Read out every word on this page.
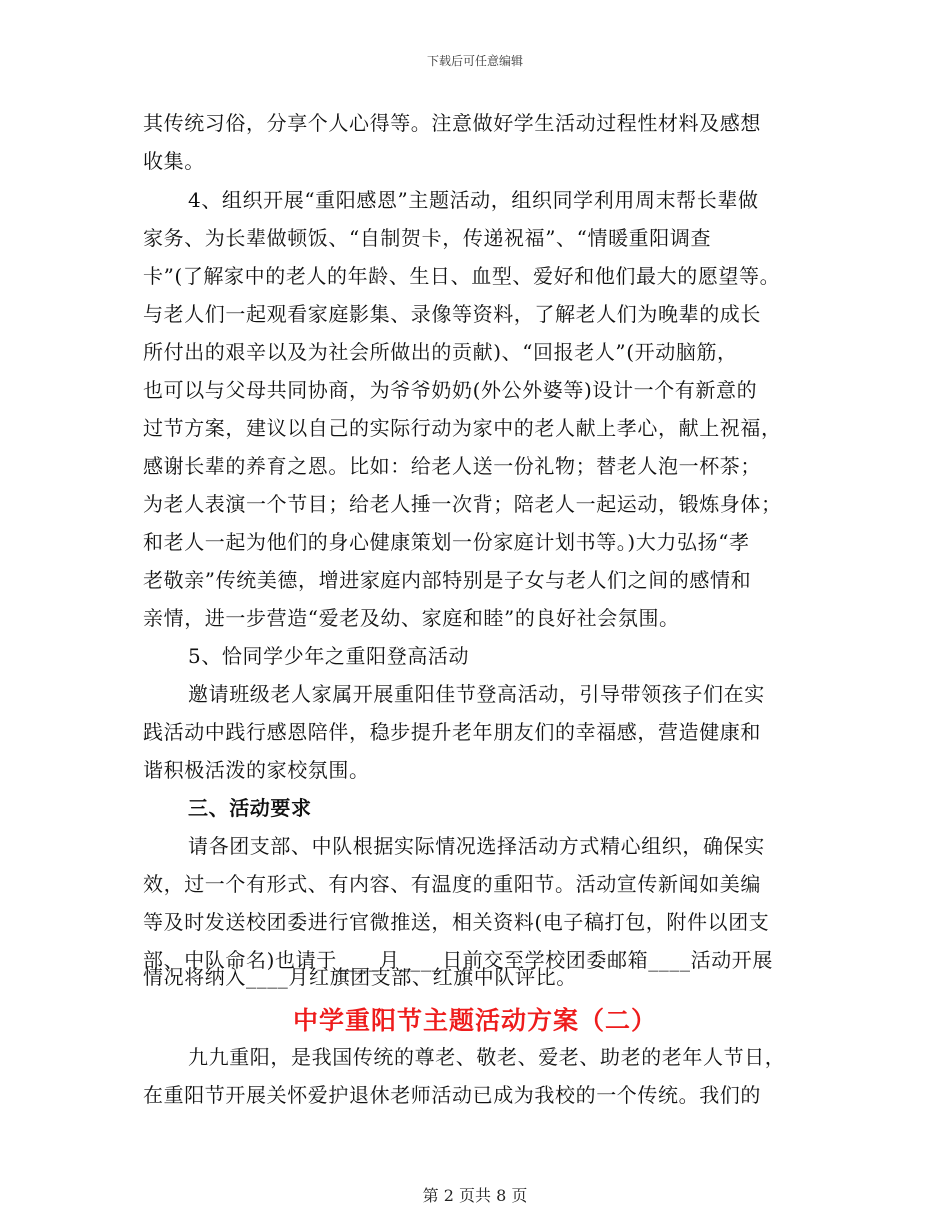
下载后可任意编辑
其传统习俗，分享个人心得等。注意做好学生活动过程性材料及感想
收集。
4、组织开展“重阳感恩”主题活动，组织同学利用周末帮长辈做
家务、为长辈做顿饭、“自制贺卡，传递祝福”、“情暖重阳调查
卡”(了解家中的老人的年龄、生日、血型、爱好和他们最大的愿望等。
与老人们一起观看家庭影集、录像等资料，了解老人们为晚辈的成长
所付出的艰辛以及为社会所做出的贡献)、“回报老人”(开动脑筋，
也可以与父母共同协商，为爷爷奶奶(外公外婆等)设计一个有新意的
过节方案，建议以自己的实际行动为家中的老人献上孝心，献上祝福，
感谢长辈的养育之恩。比如：给老人送一份礼物；替老人泡一杯茶；
为老人表演一个节目；给老人捶一次背；陪老人一起运动，锻炼身体；
和老人一起为他们的身心健康策划一份家庭计划书等。)大力弘扬“孝
老敬亲”传统美德，增进家庭内部特别是子女与老人们之间的感情和
亲情，进一步营造“爱老及幼、家庭和睦”的良好社会氛围。
5、恰同学少年之重阳登高活动
邀请班级老人家属开展重阳佳节登高活动，引导带领孩子们在实
践活动中践行感恩陪伴，稳步提升老年朋友们的幸福感，营造健康和
谐积极活泼的家校氛围。
三、活动要求
请各团支部、中队根据实际情况选择活动方式精心组织，确保实
效，过一个有形式、有内容、有温度的重阳节。活动宣传新闻如美编
等及时发送校团委进行官微推送，相关资料(电子稿打包，附件以团支
部、中队命名)也请于____月____日前交至学校团委邮箱____活动开展
情况将纳入____月红旗团支部、红旗中队评比。
中学重阳节主题活动方案（二）
九九重阳，是我国传统的尊老、敬老、爱老、助老的老年人节日，
在重阳节开展关怀爱护退休老师活动已成为我校的一个传统。我们的
第 2 页共 8 页
